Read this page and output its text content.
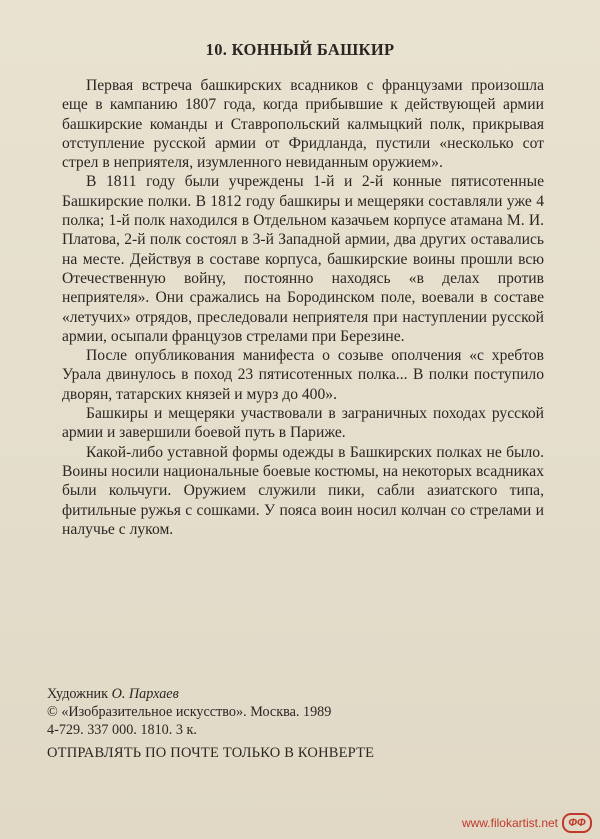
10. КОННЫЙ БАШКИР

Первая встреча башкирских всадников с французами произошла еще в кампанию 1807 года, когда прибывшие к действующей армии башкирские команды и Ставропольский калмыцкий полк, прикрывая отступление русской армии от Фридланда, пустили «несколько сот стрел в неприятеля, изумленного невиданным оружием».

В 1811 году были учреждены 1-й и 2-й конные пятисотенные Башкирские полки. В 1812 году башкиры и мещеряки составляли уже 4 полка; 1-й полк находился в Отдельном казачьем корпусе атамана М. И. Платова, 2-й полк состоял в 3-й Западной армии, два других оставались на месте. Действуя в составе корпуса, башкирские воины прошли всю Отечественную войну, постоянно находясь «в делах против неприятеля». Они сражались на Бородинском поле, воевали в составе «летучих» отрядов, преследовали неприятеля при наступлении русской армии, осыпали французов стрелами при Березине.

После опубликования манифеста о созыве ополчения «с хребтов Урала двинулось в поход 23 пятисотенных полка... В полки поступило дворян, татарских князей и мурз до 400».

Башкиры и мещеряки участвовали в заграничных походах русской армии и завершили боевой путь в Париже.

Какой-либо уставной формы одежды в Башкирских полках не было. Воины носили национальные боевые костюмы, на некоторых всадниках были кольчуги. Оружием служили пики, сабли азиатского типа, фитильные ружья с сошками. У пояса воин носил колчан со стрелами и налучье с луком.

Художник О. Пархаев
© «Изобразительное искусство». Москва. 1989
4-729. 337 000. 1810. 3 к.
ОТПРАВЛЯТЬ ПО ПОЧТЕ ТОЛЬКО В КОНВЕРТЕ
www.filokartist.net ФФ
